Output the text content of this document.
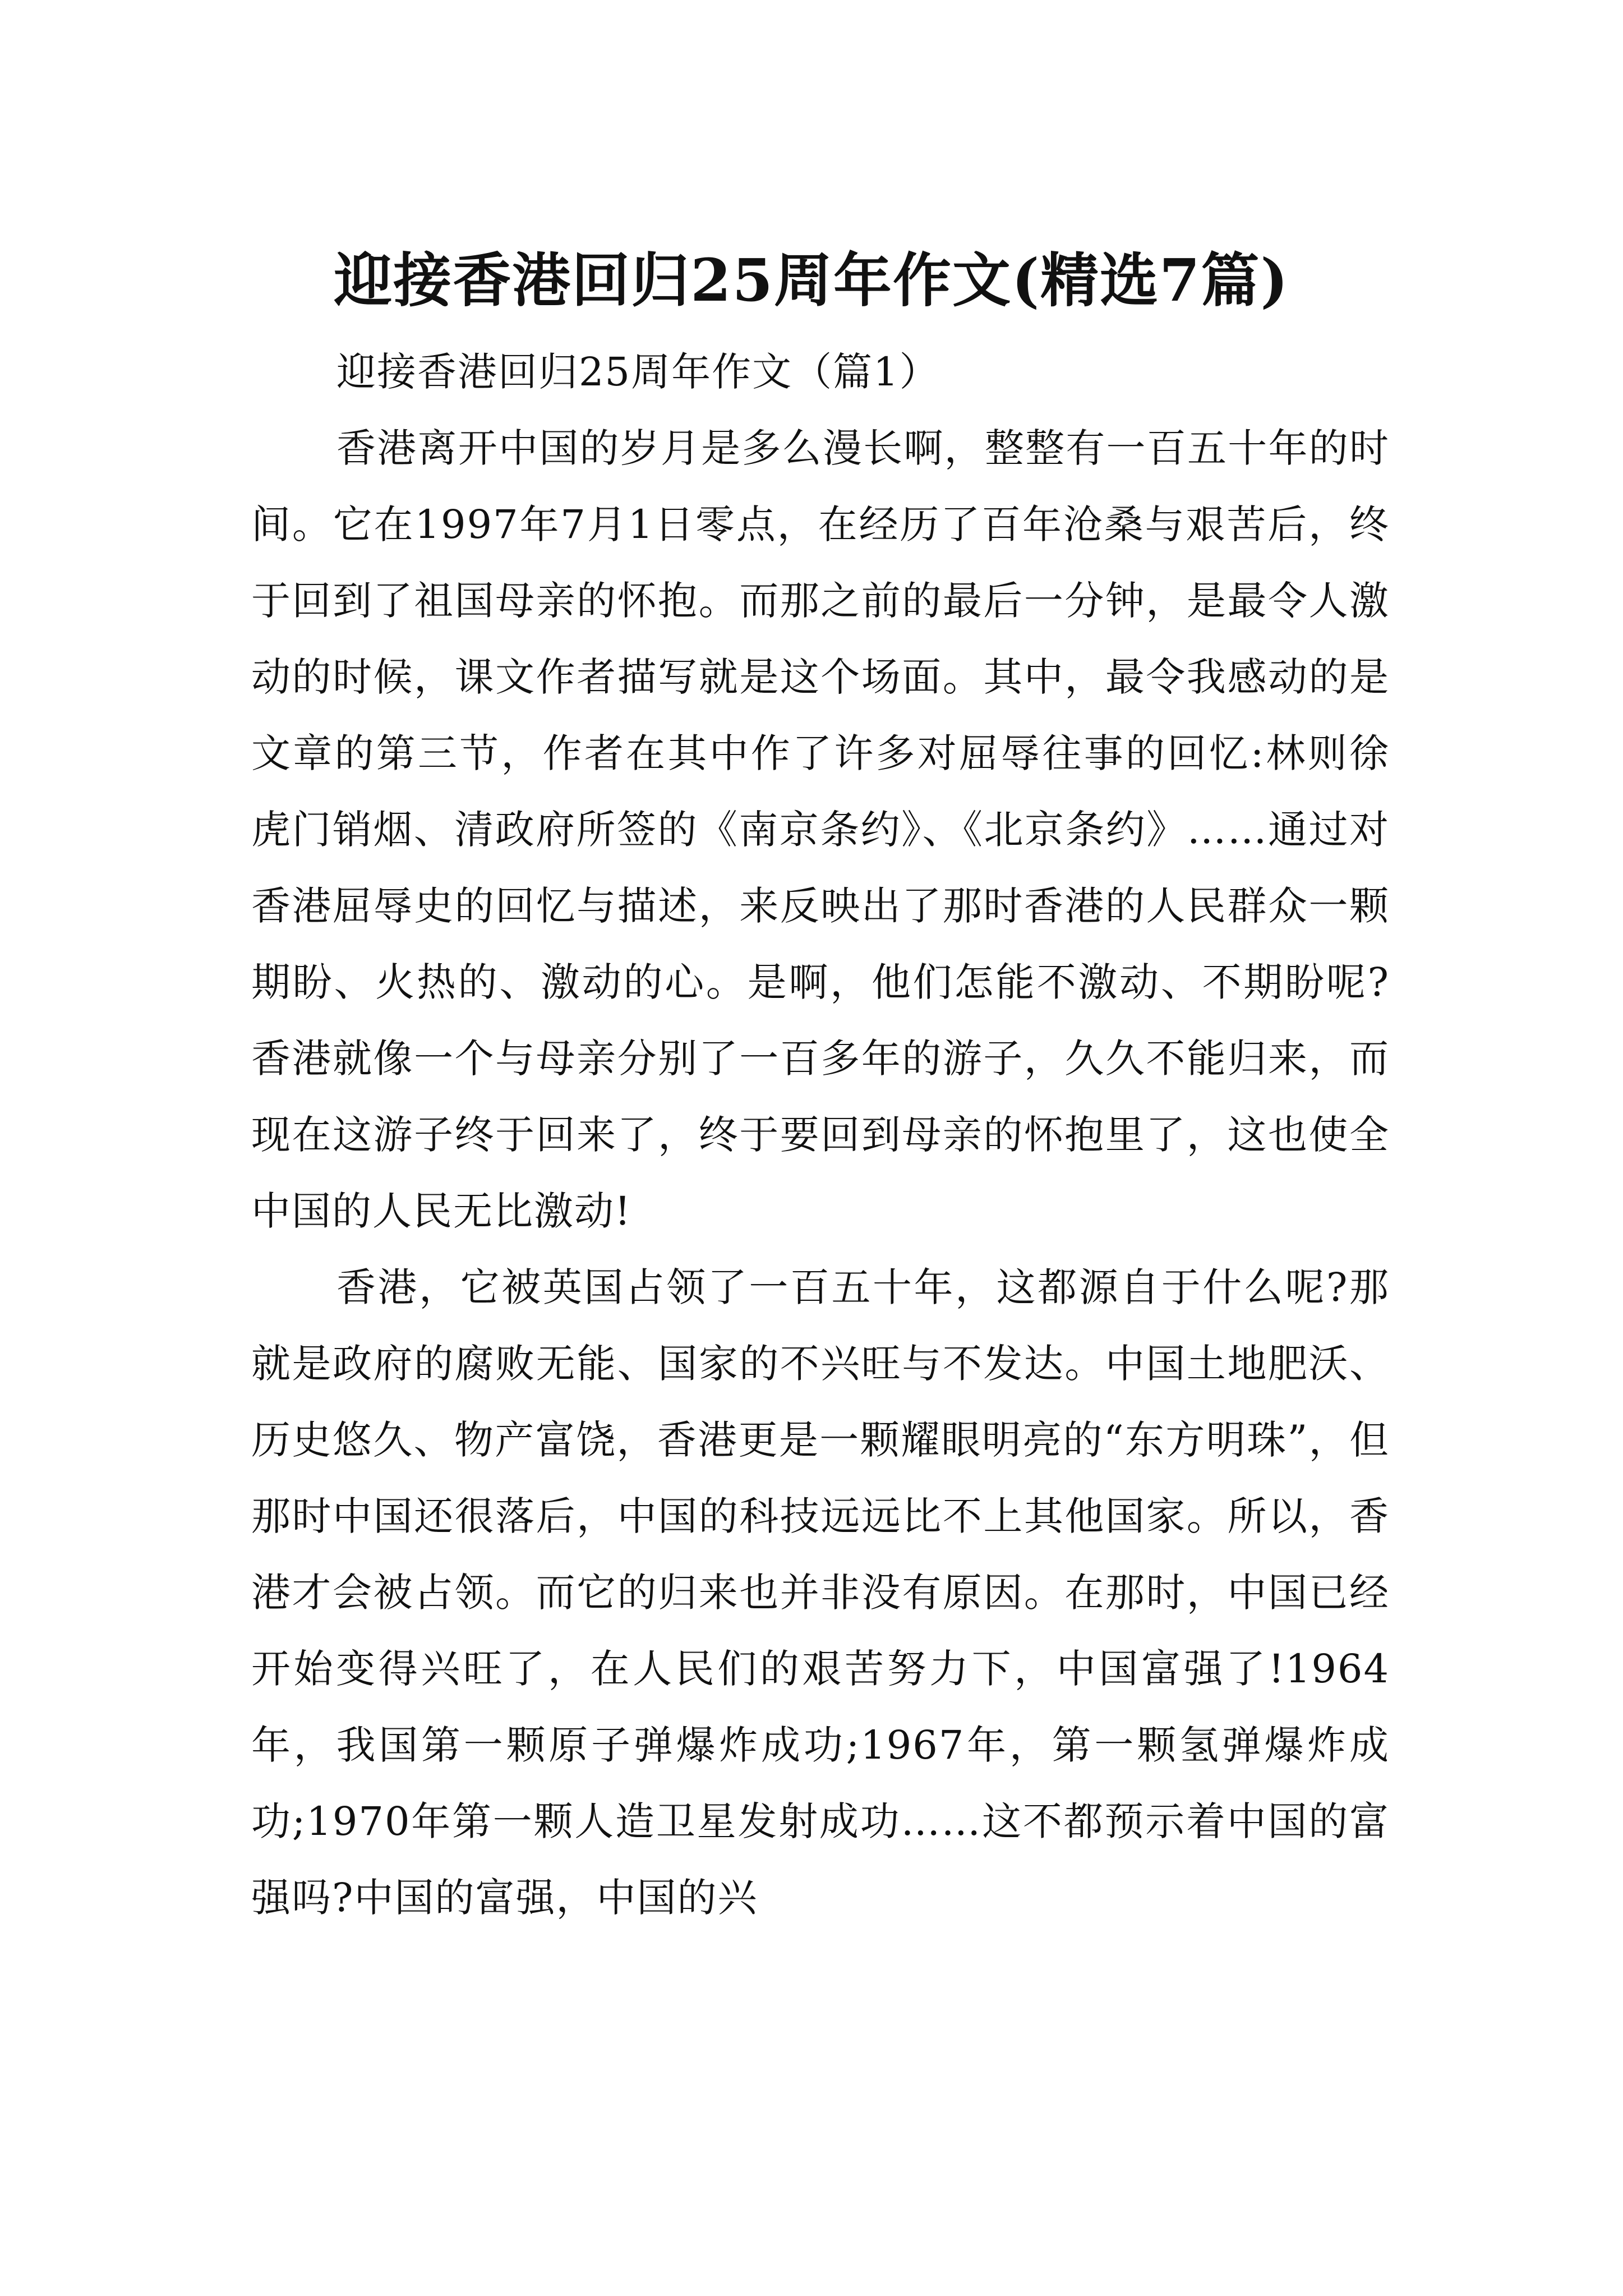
迎接香港回归25周年作文(精选7篇)

迎接香港回归25周年作文（篇1）

香港离开中国的岁月是多么漫长啊，整整有一百五十年的时间。它在1997年7月1日零点，在经历了百年沧桑与艰苦后，终于回到了祖国母亲的怀抱。而那之前的最后一分钟，是最令人激动的时候，课文作者描写就是这个场面。其中，最令我感动的是文章的第三节，作者在其中作了许多对屈辱往事的回忆:林则徐虎门销烟、清政府所签的《南京条约》、《北京条约》……通过对香港屈辱史的回忆与描述，来反映出了那时香港的人民群众一颗期盼、火热的、激动的心。是啊，他们怎能不激动、不期盼呢?香港就像一个与母亲分别了一百多年的游子，久久不能归来，而现在这游子终于回来了，终于要回到母亲的怀抱里了，这也使全中国的人民无比激动!

香港，它被英国占领了一百五十年，这都源自于什么呢?那就是政府的腐败无能、国家的不兴旺与不发达。中国土地肥沃、历史悠久、物产富饶，香港更是一颗耀眼明亮的“东方明珠”，但那时中国还很落后，中国的科技远远比不上其他国家。所以，香港才会被占领。而它的归来也并非没有原因。在那时，中国已经开始变得兴旺了，在人民们的艰苦努力下，中国富强了!1964年，我国第一颗原子弹爆炸成功;1967年，第一颗氢弹爆炸成功;1970年第一颗人造卫星发射成功……这不都预示着中国的富强吗?中国的富强，中国的兴
